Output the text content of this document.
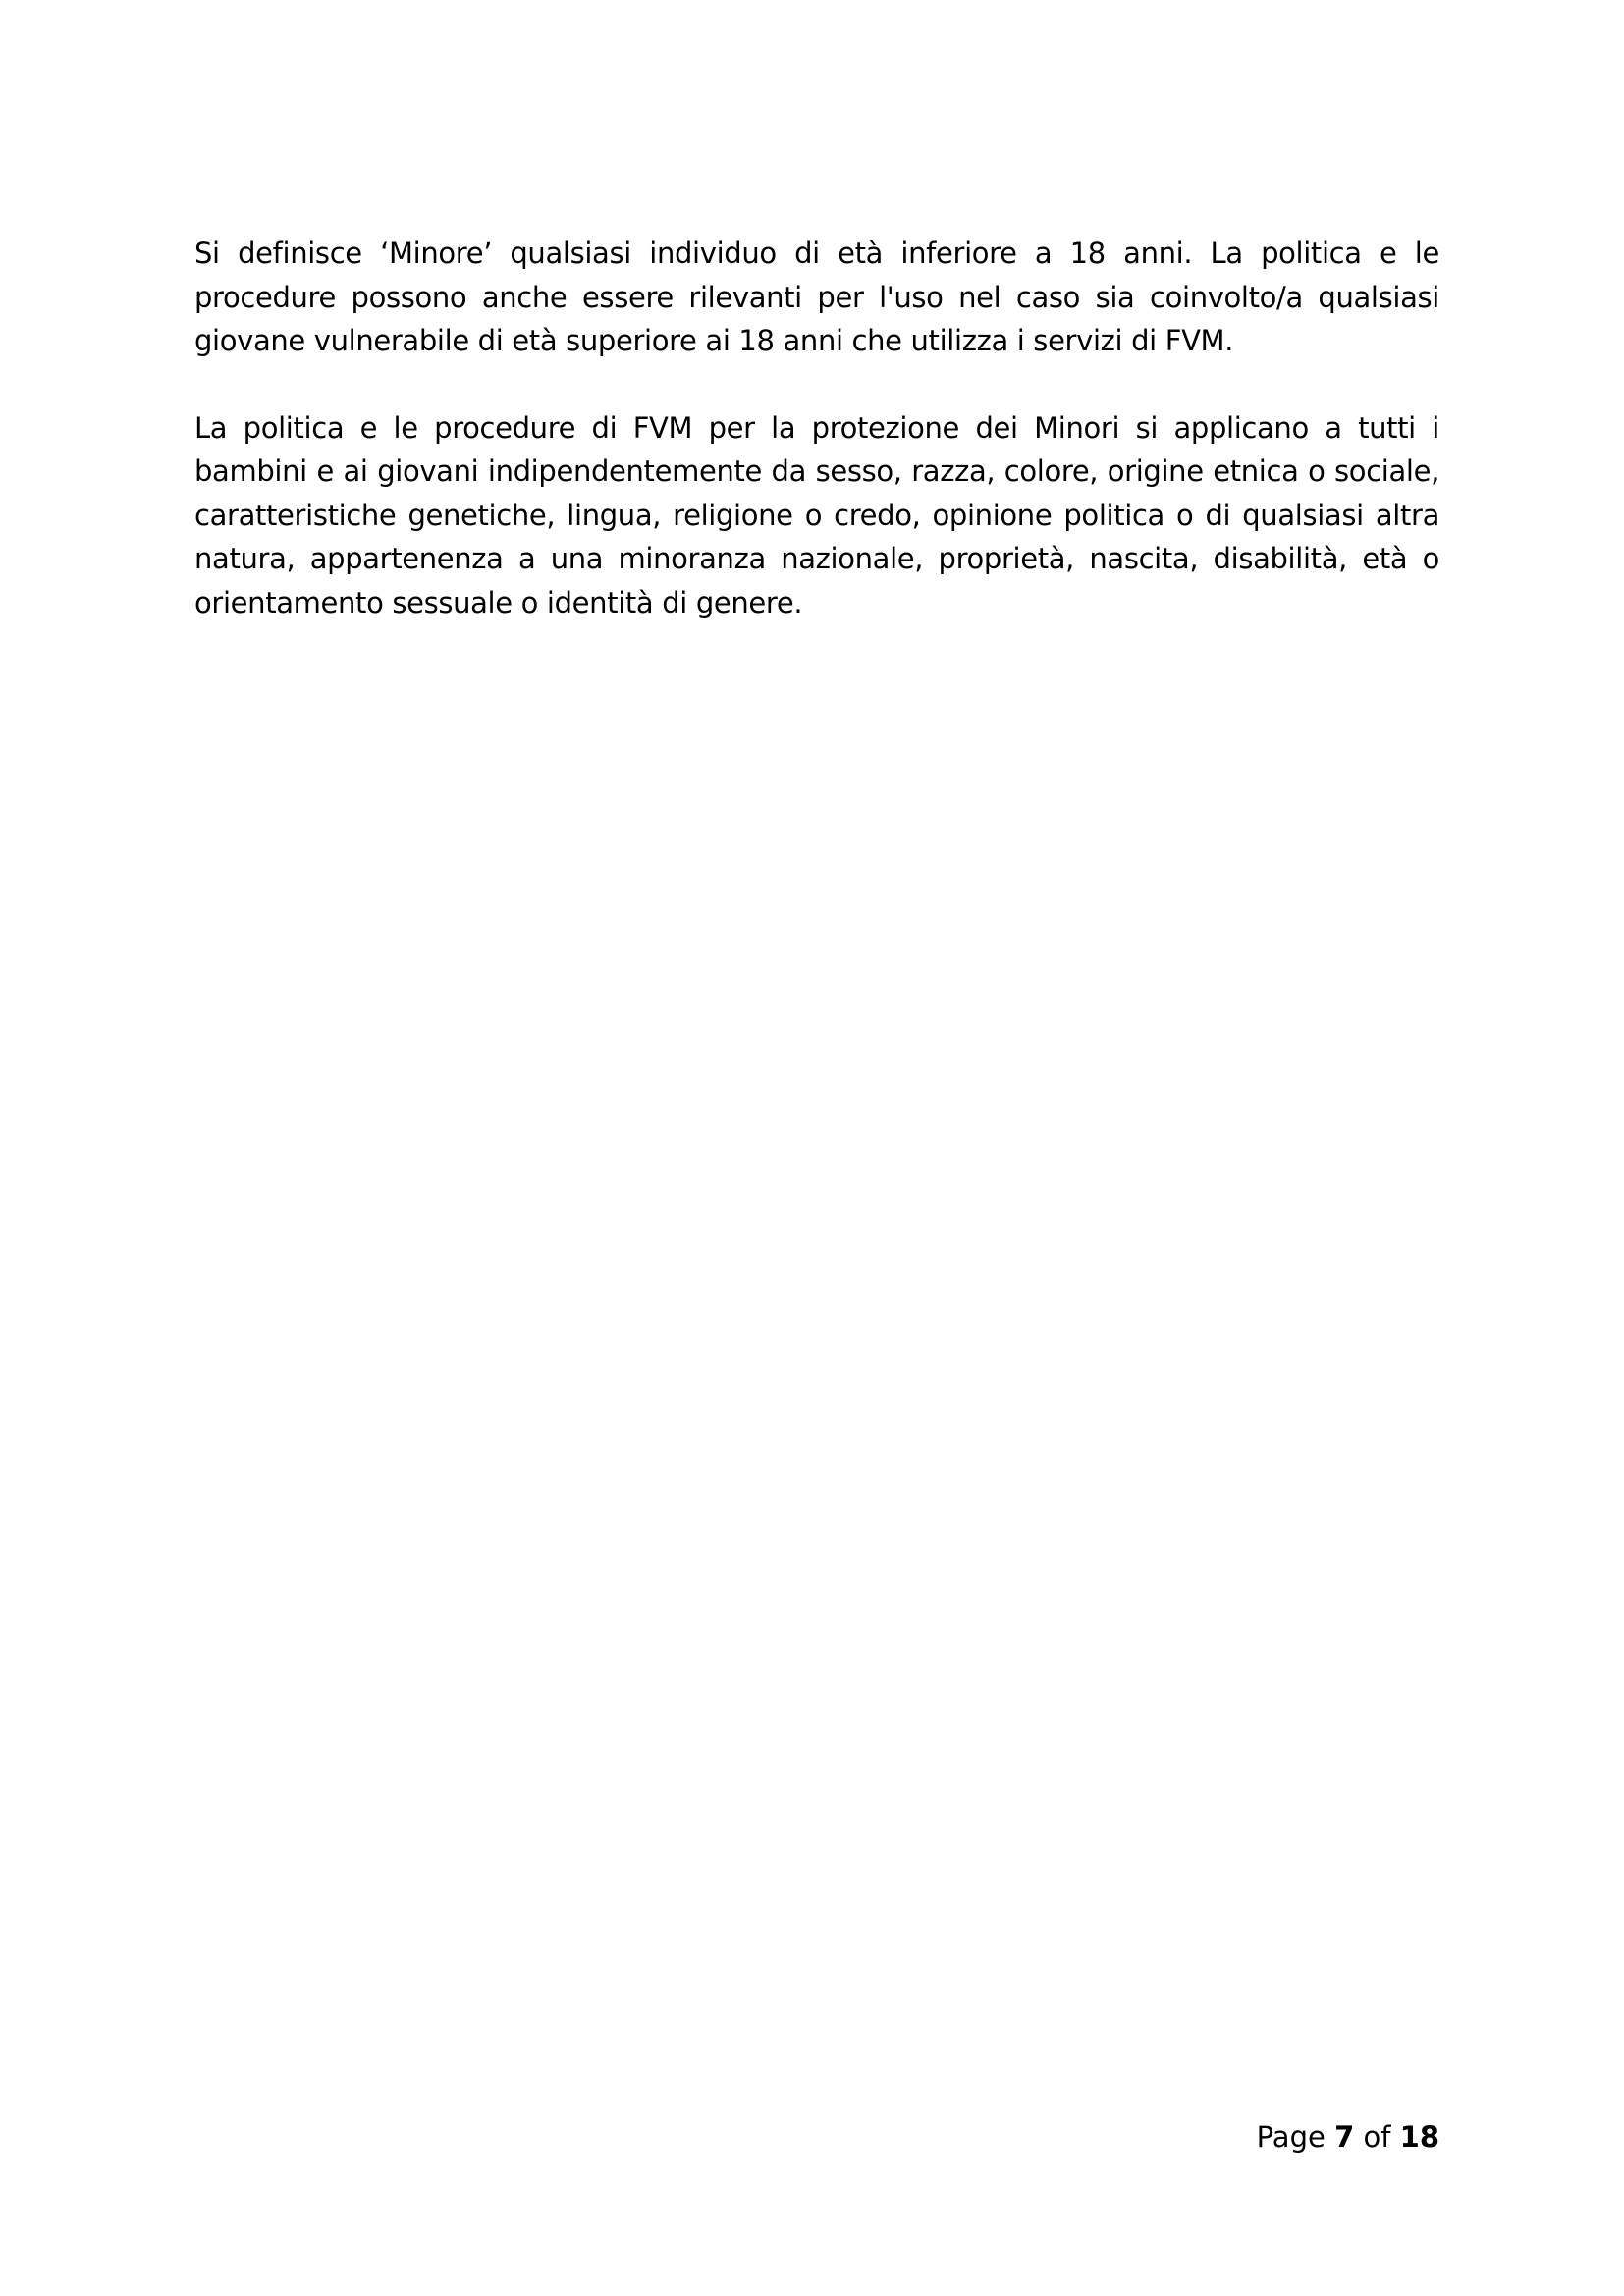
Si definisce ‘Minore’ qualsiasi individuo di età inferiore a 18 anni. La politica e le procedure possono anche essere rilevanti per l'uso nel caso sia coinvolto/a qualsiasi giovane vulnerabile di età superiore ai 18 anni che utilizza i servizi di FVM.

La politica e le procedure di FVM per la protezione dei Minori si applicano a tutti i bambini e ai giovani indipendentemente da sesso, razza, colore, origine etnica o sociale, caratteristiche genetiche, lingua, religione o credo, opinione politica o di qualsiasi altra natura, appartenenza a una minoranza nazionale, proprietà, nascita, disabilità, età o orientamento sessuale o identità di genere.

Page 7 of 18
